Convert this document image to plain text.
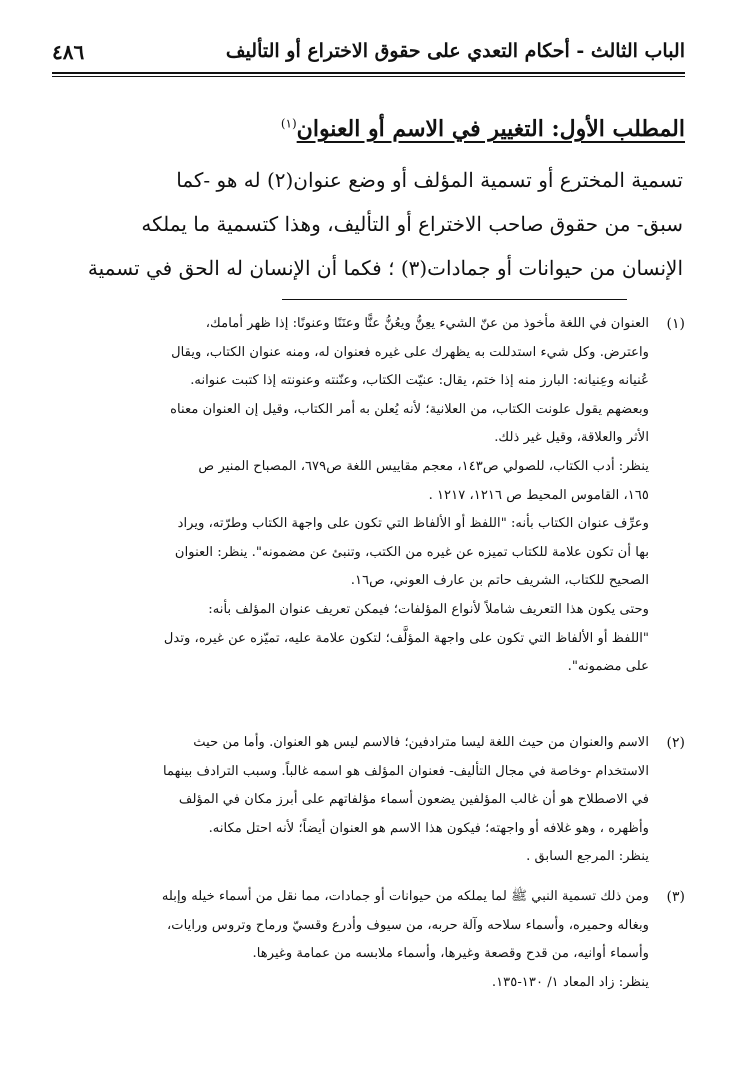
الباب الثالث - أحكام التعدي على حقوق الاختراع أو التأليف
٤٨٦
المطلب الأول: التغيير في الاسم أو العنوان$^{(١)}$
تسمية المخترع أو تسمية المؤلف أو وضع عنوان(٢) له هو -كما
سبق- من حقوق صاحب الاختراع أو التأليف، وهذا كتسمية ما يملكه
الإنسان من حيوانات أو جمادات(٣) ؛ فكما أن الإنسان له الحق في تسمية
(١)
العنوان في اللغة مأخوذ من عنّ الشيء يعِنُّ ويعُنُّ عنًّا وعنَنًا وعنونًا: إذا ظهر أمامك،
واعترض. وكل شيء استدللت به يظهرك على غيره فعنوان له، ومنه عنوان الكتاب، ويقال
عُنيانه وعِنيانه: البارز منه إذا ختم، يقال: عنيّت الكتاب، وعنّنته وعنونته إذا كتبت عنوانه.
وبعضهم يقول علونت الكتاب، من العلانية؛ لأنه يُعلن به أمر الكتاب، وقيل إن العنوان معناه
الأثر والعلاقة، وقيل غير ذلك.
ينظر: أدب الكتاب، للصولي ص١٤٣، معجم مقاييس اللغة ص٦٧٩، المصباح المنير ص
١٦٥، القاموس المحيط ص ١٢١٦، ١٢١٧ .
وعرِّف عنوان الكتاب بأنه: "اللفظ أو الألفاظ التي تكون على واجهة الكتاب وطرّته، ويراد
بها أن تكون علامة للكتاب تميزه عن غيره من الكتب، وتنبئ عن مضمونه". ينظر: العنوان
الصحيح للكتاب، الشريف حاتم بن عارف العوني، ص١٦.
وحتى يكون هذا التعريف شاملاً لأنواع المؤلفات؛ فيمكن تعريف عنوان المؤلف بأنه:
"اللفظ أو الألفاظ التي تكون على واجهة المؤلَّف؛ لتكون علامة عليه، تميّزه عن غيره، وتدل
على مضمونه".
(٢)
الاسم والعنوان من حيث اللغة ليسا مترادفين؛ فالاسم ليس هو العنوان. وأما من حيث
الاستخدام -وخاصة في مجال التأليف- فعنوان المؤلف هو اسمه غالباً. وسبب الترادف بينهما
في الاصطلاح هو أن غالب المؤلفين يضعون أسماء مؤلفاتهم على أبرز مكان في المؤلف
وأظهره ، وهو غلافه أو واجهته؛ فيكون هذا الاسم هو العنوان أيضاً؛ لأنه احتل مكانه.
ينظر: المرجع السابق .
(٣)
ومن ذلك تسمية النبي ﷺ لما يملكه من حيوانات أو جمادات، مما نقل من أسماء خيله وإبله
وبغاله وحميره، وأسماء سلاحه وآلة حربه، من سيوف وأدرع وقسيّ ورماح وتروس ورايات،
وأسماء أوانيه، من قدح وقصعة وغيرها، وأسماء ملابسه من عمامة وغيرها.
ينظر: زاد المعاد ١/ ١٣٠-١٣٥.
